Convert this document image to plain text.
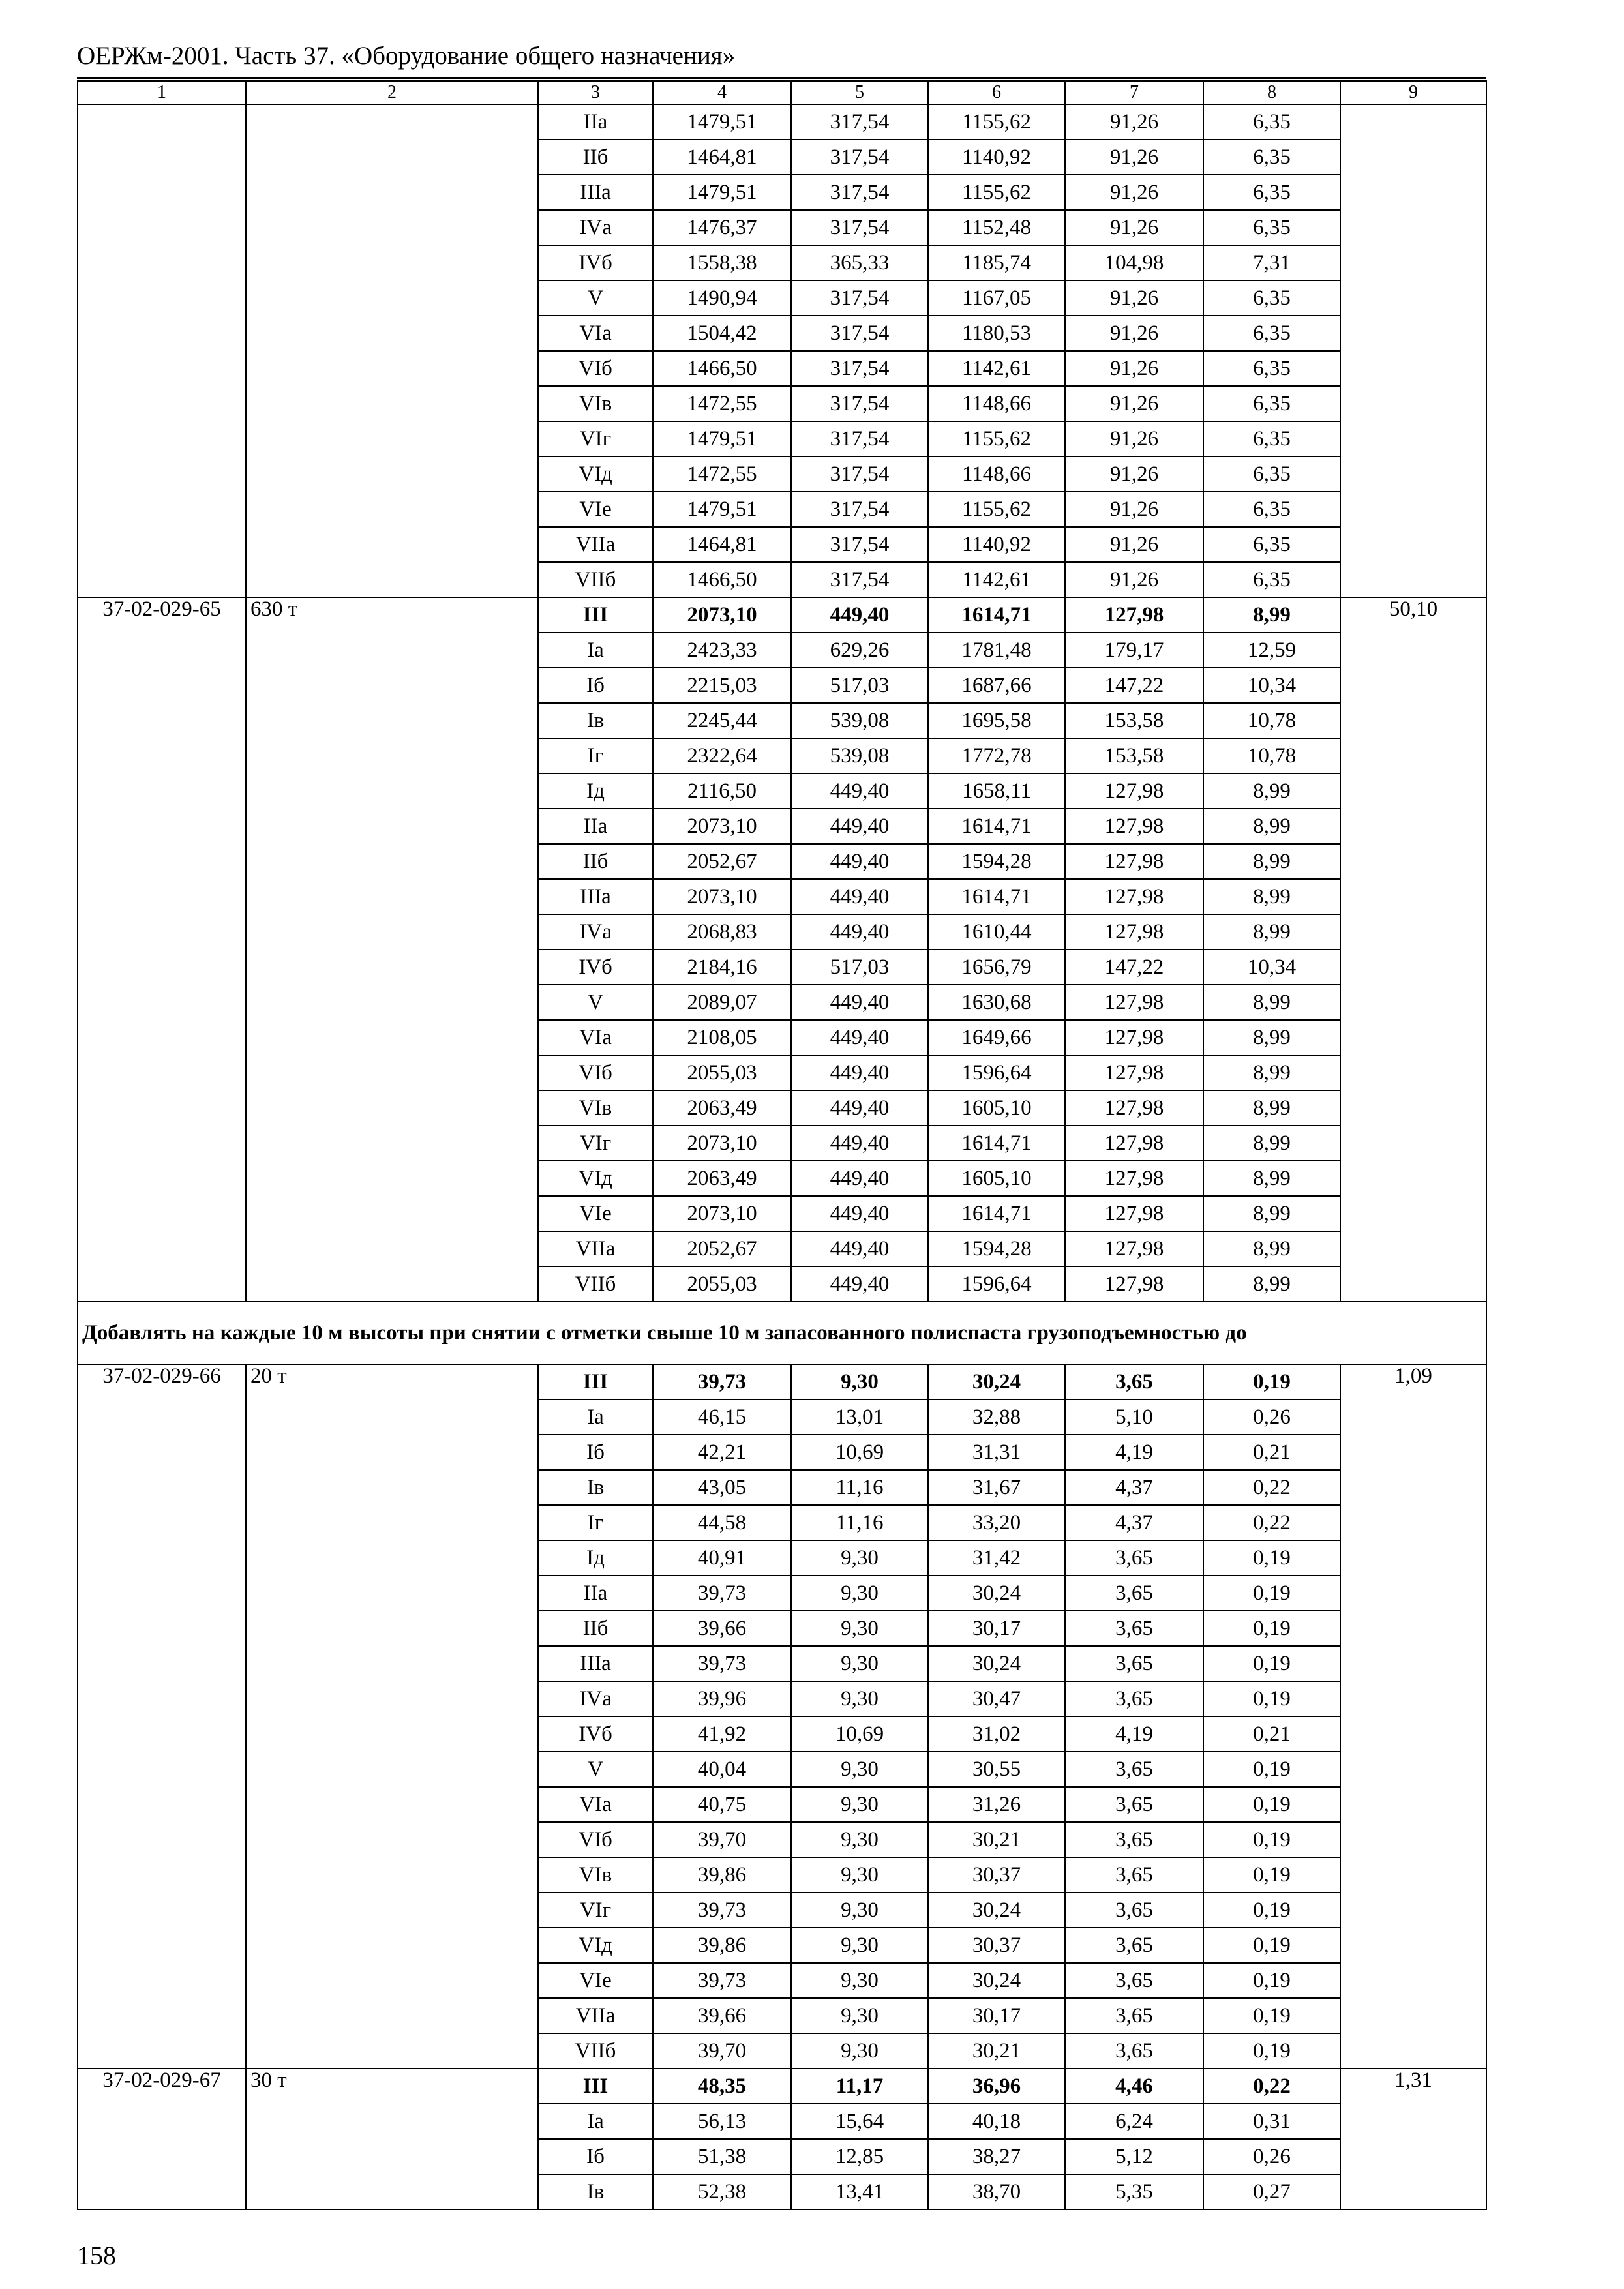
ОЕРЖм-2001. Часть 37. «Оборудование общего назначения»
1	2	3	4	5	6	7	8	9
		IIа	1479,51	317,54	1155,62	91,26	6,35	
		IIб	1464,81	317,54	1140,92	91,26	6,35	
		IIIа	1479,51	317,54	1155,62	91,26	6,35	
		IVа	1476,37	317,54	1152,48	91,26	6,35	
		IVб	1558,38	365,33	1185,74	104,98	7,31	
		V	1490,94	317,54	1167,05	91,26	6,35	
		VIа	1504,42	317,54	1180,53	91,26	6,35	
		VIб	1466,50	317,54	1142,61	91,26	6,35	
		VIв	1472,55	317,54	1148,66	91,26	6,35	
		VIг	1479,51	317,54	1155,62	91,26	6,35	
		VIд	1472,55	317,54	1148,66	91,26	6,35	
		VIе	1479,51	317,54	1155,62	91,26	6,35	
		VIIа	1464,81	317,54	1140,92	91,26	6,35	
		VIIб	1466,50	317,54	1142,61	91,26	6,35	
37-02-029-65	630 т	III	2073,10	449,40	1614,71	127,98	8,99	50,10
		Iа	2423,33	629,26	1781,48	179,17	12,59	
		Iб	2215,03	517,03	1687,66	147,22	10,34	
		Iв	2245,44	539,08	1695,58	153,58	10,78	
		Iг	2322,64	539,08	1772,78	153,58	10,78	
		Iд	2116,50	449,40	1658,11	127,98	8,99	
		IIа	2073,10	449,40	1614,71	127,98	8,99	
		IIб	2052,67	449,40	1594,28	127,98	8,99	
		IIIа	2073,10	449,40	1614,71	127,98	8,99	
		IVа	2068,83	449,40	1610,44	127,98	8,99	
		IVб	2184,16	517,03	1656,79	147,22	10,34	
		V	2089,07	449,40	1630,68	127,98	8,99	
		VIа	2108,05	449,40	1649,66	127,98	8,99	
		VIб	2055,03	449,40	1596,64	127,98	8,99	
		VIв	2063,49	449,40	1605,10	127,98	8,99	
		VIг	2073,10	449,40	1614,71	127,98	8,99	
		VIд	2063,49	449,40	1605,10	127,98	8,99	
		VIе	2073,10	449,40	1614,71	127,98	8,99	
		VIIа	2052,67	449,40	1594,28	127,98	8,99	
		VIIб	2055,03	449,40	1596,64	127,98	8,99	
Добавлять на каждые 10 м высоты при снятии с отметки свыше 10 м запасованного полиспаста грузоподъемностью до								
37-02-029-66	20 т	III	39,73	9,30	30,24	3,65	0,19	1,09
		Iа	46,15	13,01	32,88	5,10	0,26	
		Iб	42,21	10,69	31,31	4,19	0,21	
		Iв	43,05	11,16	31,67	4,37	0,22	
		Iг	44,58	11,16	33,20	4,37	0,22	
		Iд	40,91	9,30	31,42	3,65	0,19	
		IIа	39,73	9,30	30,24	3,65	0,19	
		IIб	39,66	9,30	30,17	3,65	0,19	
		IIIа	39,73	9,30	30,24	3,65	0,19	
		IVа	39,96	9,30	30,47	3,65	0,19	
		IVб	41,92	10,69	31,02	4,19	0,21	
		V	40,04	9,30	30,55	3,65	0,19	
		VIа	40,75	9,30	31,26	3,65	0,19	
		VIб	39,70	9,30	30,21	3,65	0,19	
		VIв	39,86	9,30	30,37	3,65	0,19	
		VIг	39,73	9,30	30,24	3,65	0,19	
		VIд	39,86	9,30	30,37	3,65	0,19	
		VIе	39,73	9,30	30,24	3,65	0,19	
		VIIа	39,66	9,30	30,17	3,65	0,19	
		VIIб	39,70	9,30	30,21	3,65	0,19	
37-02-029-67	30 т	III	48,35	11,17	36,96	4,46	0,22	1,31
		Iа	56,13	15,64	40,18	6,24	0,31	
		Iб	51,38	12,85	38,27	5,12	0,26	
		Iв	52,38	13,41	38,70	5,35	0,27	
158
